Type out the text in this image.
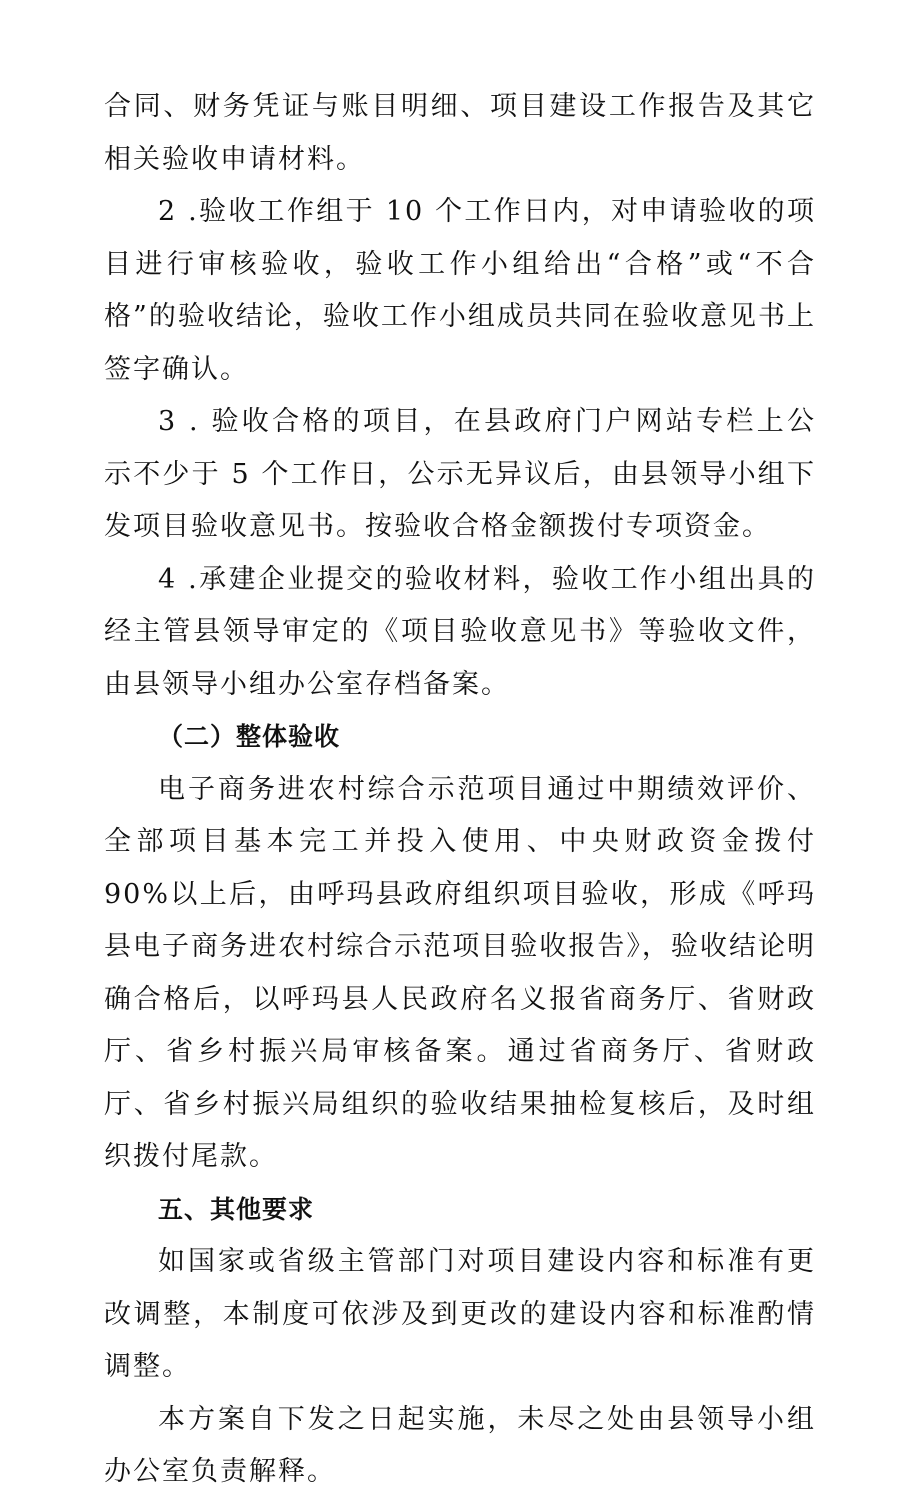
合同、财务凭证与账目明细、项目建设工作报告及其它相关验收申请材料。

2 .验收工作组于 10 个工作日内，对申请验收的项目进行审核验收，验收工作小组给出“合格”或“不合格”的验收结论，验收工作小组成员共同在验收意见书上签字确认。

3 . 验收合格的项目，在县政府门户网站专栏上公示不少于 5 个工作日，公示无异议后，由县领导小组下发项目验收意见书。按验收合格金额拨付专项资金。

4 .承建企业提交的验收材料，验收工作小组出具的经主管县领导审定的《项目验收意见书》等验收文件，由县领导小组办公室存档备案。

（二）整体验收

电子商务进农村综合示范项目通过中期绩效评价、全部项目基本完工并投入使用、中央财政资金拨付 90%以上后，由呼玛县政府组织项目验收，形成《呼玛县电子商务进农村综合示范项目验收报告》，验收结论明确合格后，以呼玛县人民政府名义报省商务厅、省财政厅、省乡村振兴局审核备案。通过省商务厅、省财政厅、省乡村振兴局组织的验收结果抽检复核后，及时组织拨付尾款。

五、其他要求

如国家或省级主管部门对项目建设内容和标准有更改调整，本制度可依涉及到更改的建设内容和标准酌情调整。

本方案自下发之日起实施，未尽之处由县领导小组办公室负责解释。
